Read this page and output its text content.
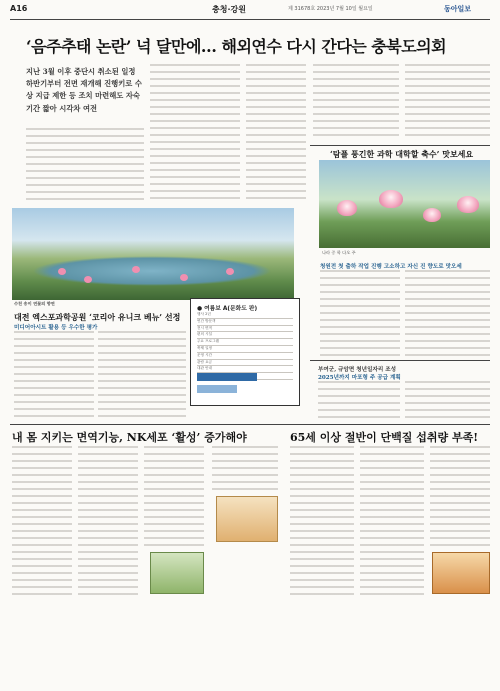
A16	충청·강원	제 31678호 2023년 7월 10일 월요일	동아일보
‘음주추태 논란’ 넉 달만에… 해외연수 다시 간다는 충북도의회
지난 3월 이후 중단시 취소된 일정 하반기부터 전면 재개해 진행키로 수상 지급 제한 등 조치 마련해도 자숙 기간 짧아 시각차 여전
‘탐플 풍긴한 과학 대학할 축수’ 맛보세요
나라 중 학 다오 주
청원전 첫 출하 작업 진행 고소하고 자신 진 향도로 맛오세
수천 송이 연꽃의 향연
대전 엑스포과학공원 ‘코리아 유니크 베뉴’ 선정
미디어아시트 활용 등 우수한 평가
● 여름보 A(문화도 판)
행사 2년
연간 방문객
전시 면적
편의 시설
주요 프로그램
축제 일정
운영 시간
관람 요금
대관 안내	부여군, 규암면 청년일자리 조성
2025년까지 마포형 주 공급 계획
내 몸 지키는 면역기능, NK세포 ‘활성’ 증가해야	65세 이상 절반이 단백질 섭취량 부족!
